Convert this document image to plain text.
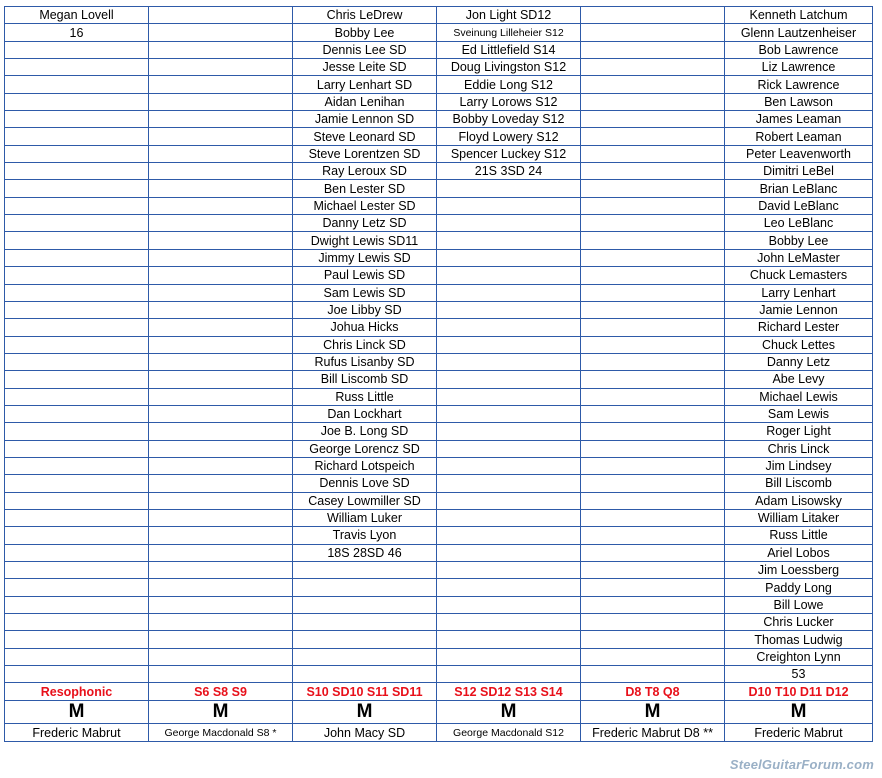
Megan Lovell		Chris LeDrew	Jon Light SD12		Kenneth Latchum
16		Bobby Lee	Sveinung Lilleheier S12		Glenn Lautzenheiser
		Dennis Lee SD	Ed Littlefield S14		Bob Lawrence
		Jesse Leite SD	Doug Livingston S12		Liz Lawrence
		Larry Lenhart SD	Eddie Long S12		Rick Lawrence
		Aidan Lenihan	Larry Lorows S12		Ben Lawson
		Jamie Lennon SD	Bobby Loveday S12		James Leaman
		Steve Leonard SD	Floyd Lowery S12		Robert Leaman
		Steve Lorentzen SD	Spencer Luckey S12		Peter Leavenworth
		Ray Leroux SD	21S 3SD 24		Dimitri LeBel
		Ben Lester SD			Brian LeBlanc
		Michael Lester SD			David LeBlanc
		Danny Letz SD			Leo LeBlanc
		Dwight Lewis SD11			Bobby Lee
		Jimmy Lewis SD			John LeMaster
		Paul Lewis SD			Chuck Lemasters
		Sam Lewis SD			Larry Lenhart
		Joe Libby SD			Jamie Lennon
		Johua Hicks			Richard Lester
		Chris Linck SD			Chuck Lettes
		Rufus Lisanby SD			Danny Letz
		Bill Liscomb SD			Abe Levy
		Russ Little			Michael Lewis
		Dan Lockhart			Sam Lewis
		Joe B. Long SD			Roger Light
		George Lorencz SD			Chris Linck
		Richard Lotspeich			Jim Lindsey
		Dennis Love SD			Bill Liscomb
		Casey Lowmiller SD			Adam Lisowsky
		William Luker			William Litaker
		Travis Lyon			Russ Little
		18S 28SD 46			Ariel Lobos
					Jim Loessberg
					Paddy Long
					Bill Lowe
					Chris Lucker
					Thomas Ludwig
					Creighton Lynn
					53
Resophonic	S6 S8 S9	S10 SD10 S11 SD11	S12 SD12 S13 S14	D8 T8 Q8	D10 T10 D11 D12
M	M	M	M	M	M
Frederic Mabrut	George Macdonald S8 *	John Macy SD	George Macdonald S12	Frederic Mabrut D8 **	Frederic Mabrut
SteelGuitarForum.com
